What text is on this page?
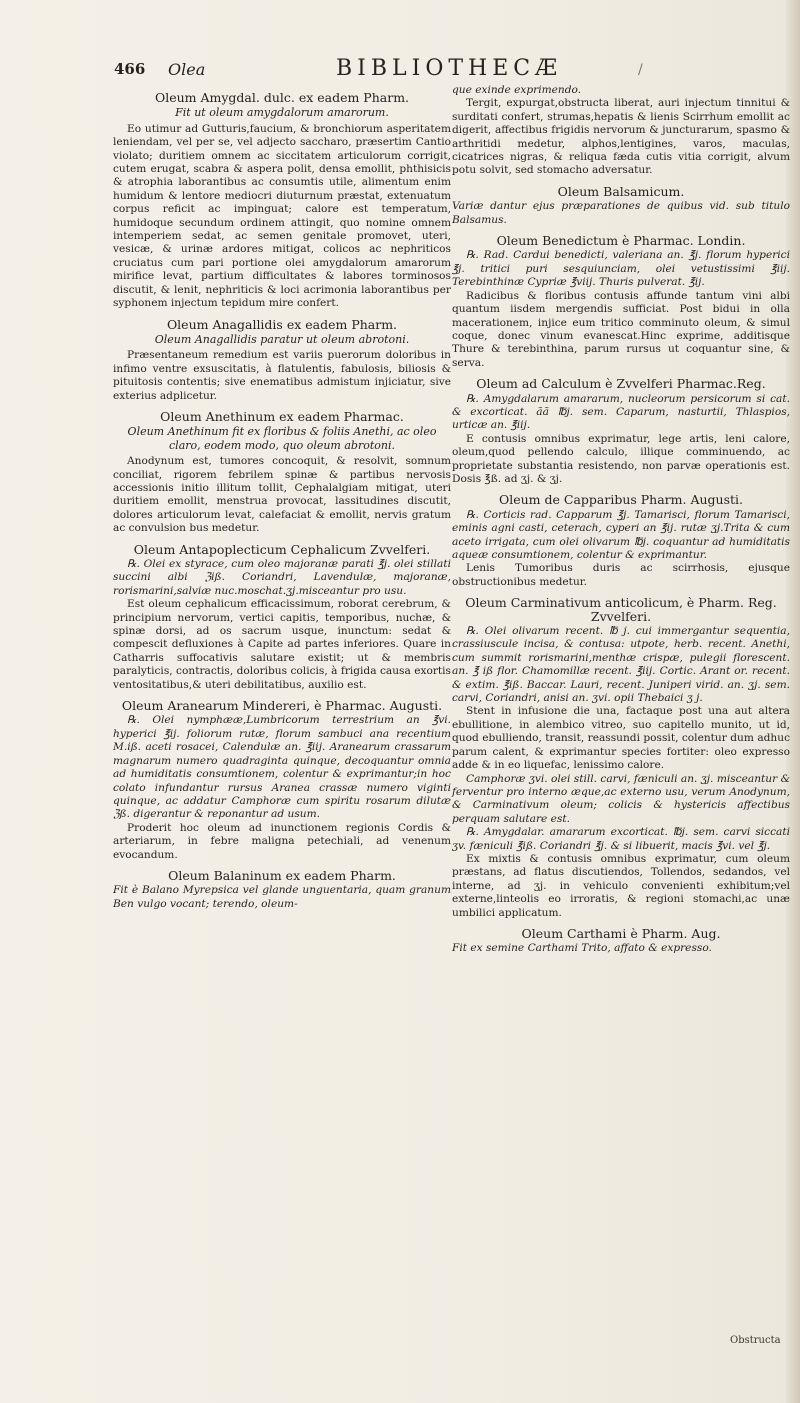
466 Olea	BIBLIOTHECÆ	/

Oleum Amygdal. dulc. ex eadem Pharm.

Fit ut oleum amygdalorum amarorum.

Eo utimur ad Gutturis,faucium, & bronchiorum asperitatem leniendam, vel per se, vel adjecto saccharo, præsertim Cantio violato; duritiem omnem ac siccitatem articulorum corrigit, cutem erugat, scabra & aspera polit, densa emollit, phthisicis & atrophia laborantibus ac consumtis utile, alimentum enim humidum & lentore mediocri diuturnum præstat, extenuatum corpus reficit ac impinguat; calore est temperatum, humidoque secundum ordinem attingit, quo nomine omnem intemperiem sedat, ac semen genitale promovet, uteri, vesicæ, & urinæ ardores mitigat, colicos ac nephriticos cruciatus cum pari portione olei amygdalorum amarorum mirifice levat, partium difficultates & labores torminosos discutit, & lenit, nephriticis & loci acrimonia laborantibus per syphonem injectum tepidum mire confert.

Oleum Anagallidis ex eadem Pharm.

Oleum Anagallidis paratur ut oleum abrotoni.

Præsentaneum remedium est variis puerorum doloribus in infimo ventre exsuscitatis, à flatulentis, fabulosis, biliosis & pituitosis contentis; sive enematibus admistum injiciatur, sive exterius adplicetur.

Oleum Anethinum ex eadem Pharmac.

Oleum Anethinum fit ex floribus & foliis Anethi, ac oleo claro, eodem modo, quo oleum abrotoni.

Anodynum est, tumores concoquit, & resolvit, somnum conciliat, rigorem febrilem spinæ & partibus nervosis accessionis initio illitum tollit, Cephalalgiam mitigat, uteri duritiem emollit, menstrua provocat, lassitudines discutit, dolores articulorum levat, calefaciat & emollit, nervis gratum ac convulsion bus medetur.

Oleum Antapoplecticum Cephalicum Zvvelferi.

℞. Olei ex styrace, cum oleo majoranæ parati ℥j. olei stillati succini albi ℨiß. Coriandri, Lavendulæ, majoranæ, rorismarini,salviæ nuc.moschat.ʒj.misceantur pro usu.

Est oleum cephalicum efficacissimum, roborat cerebrum, & principium nervorum, vertici capitis, temporibus, nuchæ, & spinæ dorsi, ad os sacrum usque, inunctum: sedat & compescit defluxiones à Capite ad partes inferiores. Quare in Catharris suffocativis salutare existit; ut & membris paralyticis, contractis, doloribus colicis, à frigida causa exortis ventositatibus,& uteri debilitatibus, auxilio est.

Oleum Aranearum Mindereri, è Pharmac. Augusti.

℞. Olei nymphææ,Lumbricorum terrestrium an ℥vi. hyperici ℥ij. foliorum rutæ, florum sambuci ana recentium M.iß. aceti rosacei, Calendulæ an. ℥iij. Aranearum crassarum magnarum numero quadraginta quinque, decoquantur omnia ad humiditatis consumtionem, colentur & exprimantur;in hoc colato infundantur rursus Aranea crassæ numero viginti quinque, ac addatur Camphoræ cum spiritu rosarum dilutæ ℨß. digerantur & reponantur ad usum.

Proderit hoc oleum ad inunctionem regionis Cordis & arteriarum, in febre maligna petechiali, ad venenum evocandum.

Oleum Balaninum ex eadem Pharm.

Fit è Balano Myrepsica vel glande unguentaria, quam granum Ben vulgo vocant; terendo, oleum-

que exinde exprimendo.

Tergit, expurgat,obstructa liberat, auri injectum tinnitui & surditati confert, strumas,hepatis & lienis Scirrhum emollit ac digerit, affectibus frigidis nervorum & juncturarum, spasmo & arthritidi medetur, alphos,lentigines, varos, maculas, cicatrices nigras, & reliqua fæda cutis vitia corrigit, alvum potu solvit, sed stomacho adversatur.

Oleum Balsamicum.

Variæ dantur ejus præparationes de quibus vid. sub titulo Balsamus.

Oleum Benedictum è Pharmac. Londin.

℞. Rad. Cardui benedicti, valeriana an. ℥j. florum hyperici ℥j. tritici puri sesquiunciam, olei vetustissimi ℥iij. Terebinthinæ Cypriæ ℥viij. Thuris pulverat. ℥ij.

Radicibus & floribus contusis affunde tantum vini albi quantum iisdem mergendis sufficiat. Post bidui in olla macerationem, injice eum tritico comminuto oleum, & simul coque, donec vinum evanescat.Hinc exprime, additisque Thure & terebinthina, parum rursus ut coquantur sine, & serva.

Oleum ad Calculum è Zvvelferi Pharmac.Reg.

℞. Amygdalarum amararum, nucleorum persicorum si cat. & excorticat. ãã ℔j. sem. Caparum, nasturtii, Thlaspios, urticæ an. ℥iij.

E contusis omnibus exprimatur, lege artis, leni calore, oleum,quod pellendo calculo, illique comminuendo, ac proprietate substantia resistendo, non parvæ operationis est. Dosis ℥ß. ad ʒj. & ʒj.

Oleum de Capparibus Pharm. Augusti.

℞. Corticis rad. Capparum ℥j. Tamarisci, florum Tamarisci, eminis agni casti, ceterach, cyperi an ℥ij. rutæ ʒj.Trita & cum aceto irrigata, cum olei olivarum ℔j. coquantur ad humiditatis aqueæ consumtionem, colentur & exprimantur.

Lenis Tumoribus duris ac scirrhosis, ejusque obstructionibus medetur.

Oleum Carminativum anticolicum, è Pharm. Reg. Zvvelferi.

℞. Olei olivarum recent. ℔ j. cui immergantur sequentia, crassiuscule incisa, & contusa: utpote, herb. recent. Anethi, cum summit rorismarini,menthæ crispæ, pulegii florescent. an. ℥ iß flor. Chamomillæ recent. ℥iij. Cortic. Arant or. recent. & extim. ℥iß. Baccar. Lauri, recent. Juniperi virid. an. ʒj. sem. carvi, Coriandri, anisi an. ʒvi. opii Thebaici ʒ j.

Stent in infusione die una, factaque post una aut altera ebullitione, in alembico vitreo, suo capitello munito, ut id, quod ebulliendo, transit, reassundi possit, colentur dum adhuc parum calent, & exprimantur species fortiter: oleo expresso adde & in eo liquefac, lenissimo calore.

Camphoræ ʒvi. olei still. carvi, fæniculi an. ʒj. misceantur & ferventur pro interno æque,ac externo usu, verum Anodynum, & Carminativum oleum; colicis & hystericis affectibus perquam salutare est.

℞. Amygdalar. amararum excorticat. ℔j. sem. carvi siccati ʒv. fæniculi ℥iß. Coriandri ℥j. & si libuerit, macis ℥vi. vel ℥j.

Ex mixtis & contusis omnibus exprimatur, cum oleum præstans, ad flatus discutiendos, Tollendos, sedandos, vel interne, ad ʒj. in vehiculo convenienti exhibitum;vel externe,linteolis eo irroratis, & regioni stomachi,ac unæ umbilici applicatum.

Oleum Carthami è Pharm. Aug.

Fit ex semine Carthami Trito, affato & expresso.

Obstructa
